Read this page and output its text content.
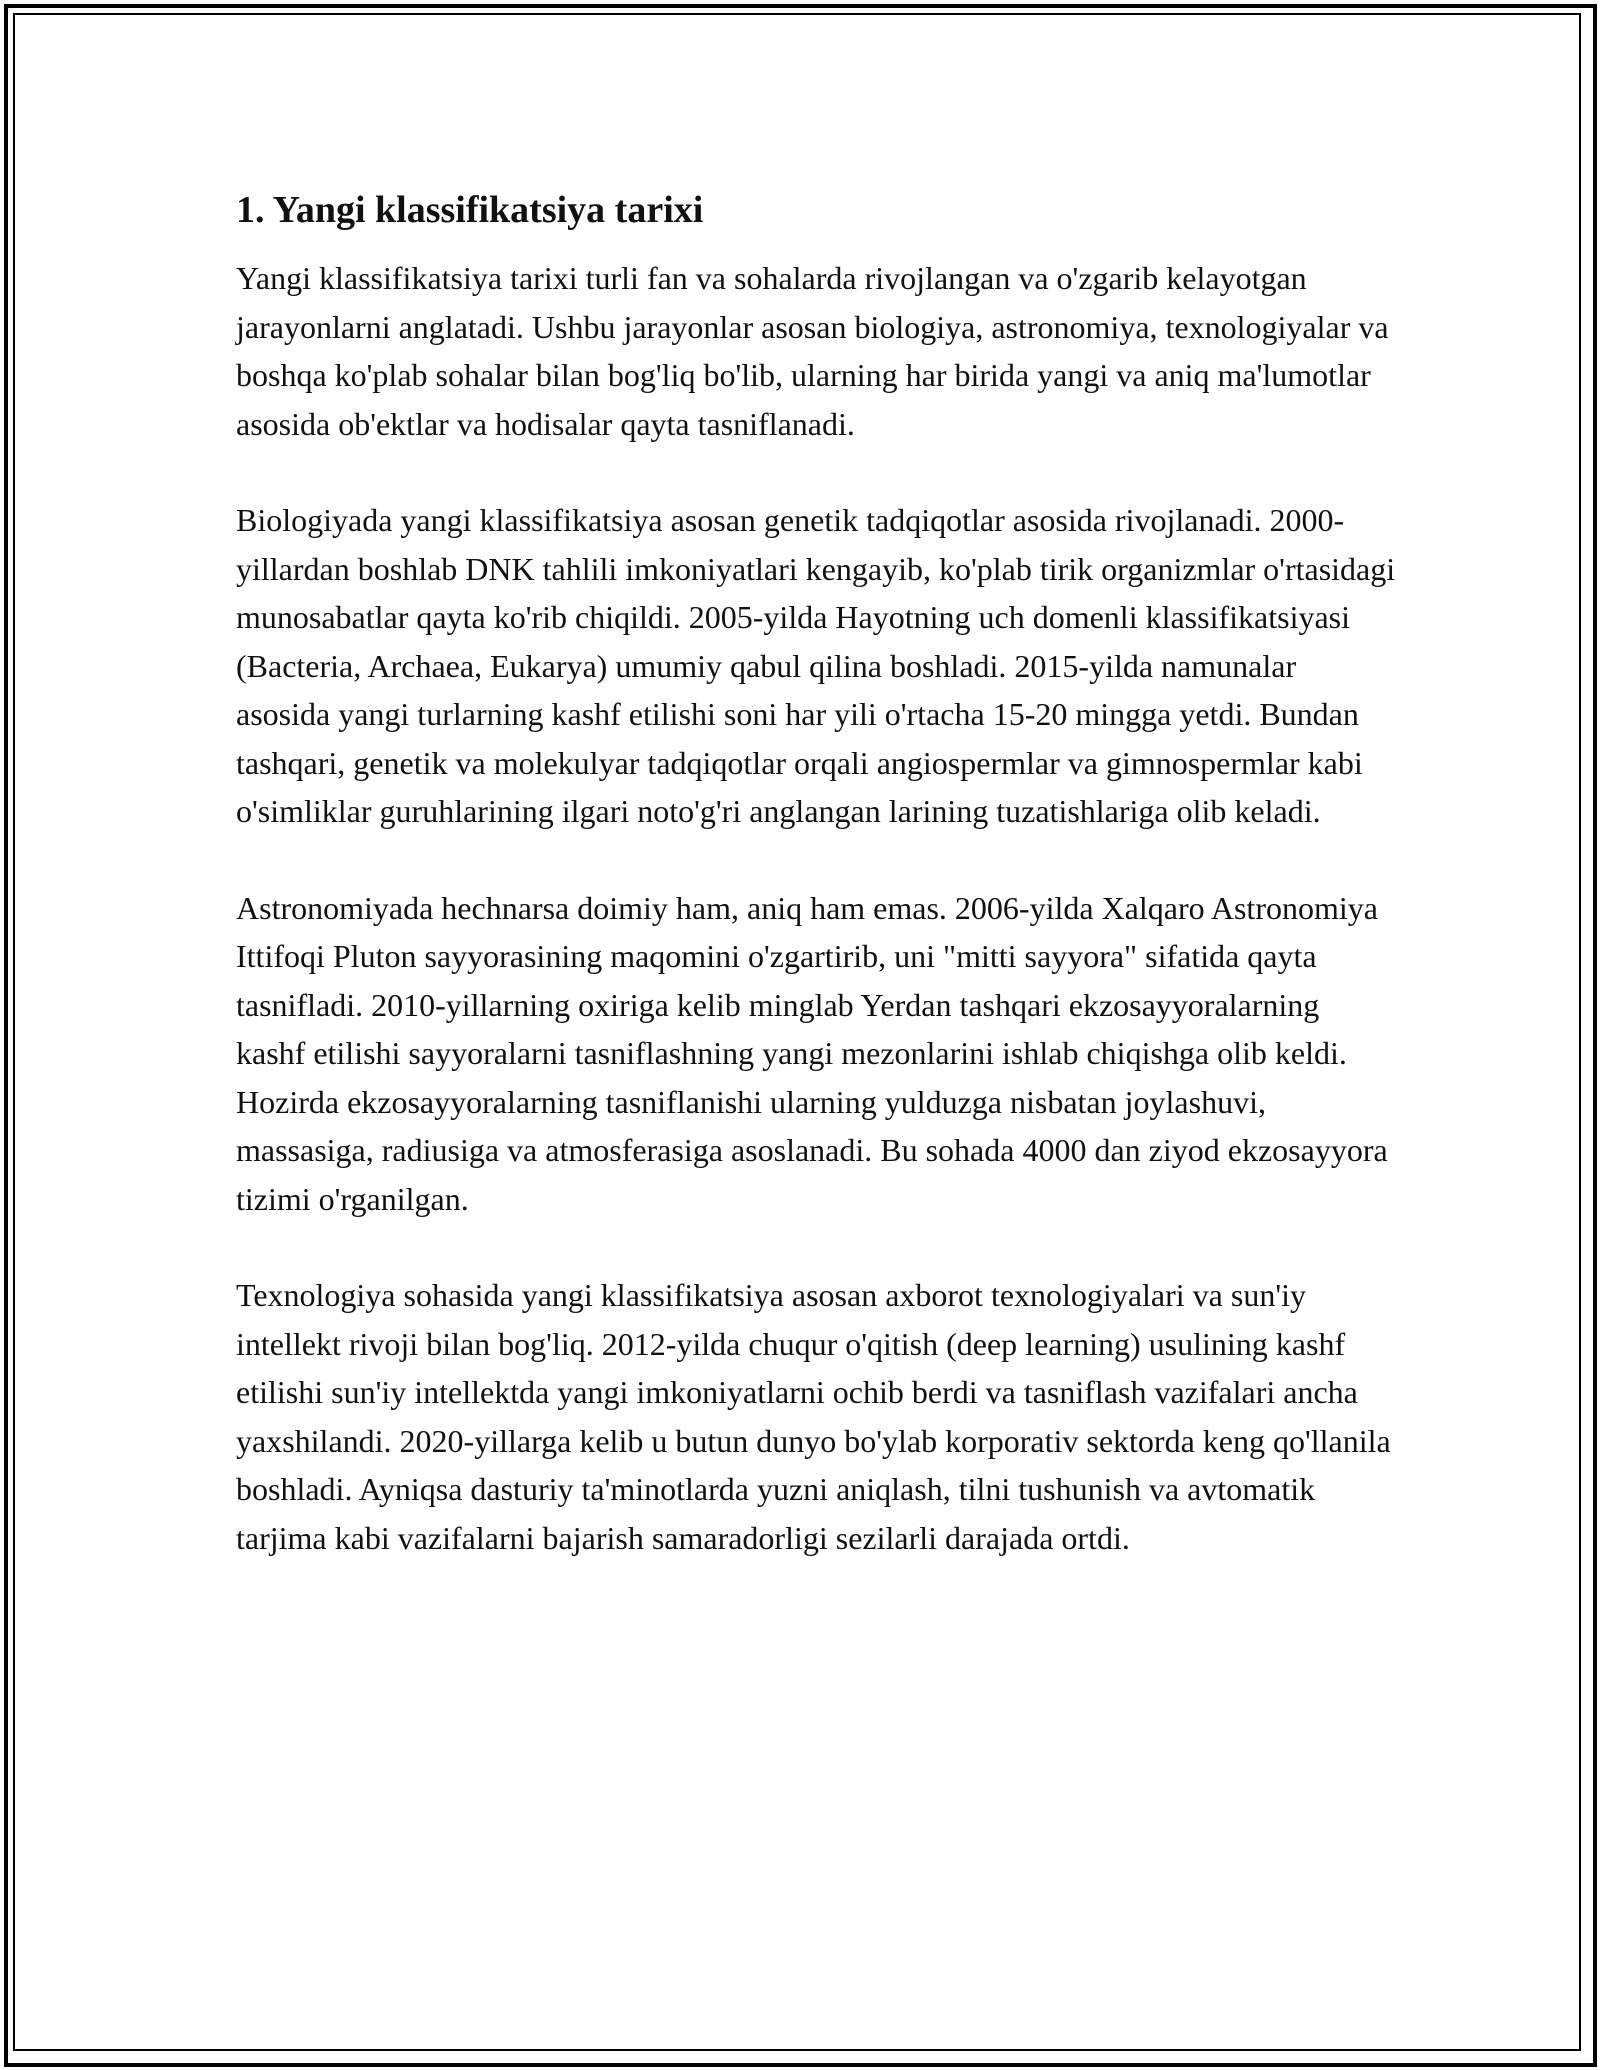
1. Yangi klassifikatsiya tarixi

Yangi klassifikatsiya tarixi turli fan va sohalarda rivojlangan va o'zgarib kelayotgan jarayonlarni anglatadi. Ushbu jarayonlar asosan biologiya, astronomiya, texnologiyalar va boshqa ko'plab sohalar bilan bog'liq bo'lib, ularning har birida yangi va aniq ma'lumotlar asosida ob'ektlar va hodisalar qayta tasniflanadi.

Biologiyada yangi klassifikatsiya asosan genetik tadqiqotlar asosida rivojlanadi. 2000-yillardan boshlab DNK tahlili imkoniyatlari kengayib, ko'plab tirik organizmlar o'rtasidagi munosabatlar qayta ko'rib chiqildi. 2005-yilda Hayotning uch domenli klassifikatsiyasi (Bacteria, Archaea, Eukarya) umumiy qabul qilina boshladi. 2015-yilda namunalar asosida yangi turlarning kashf etilishi soni har yili o'rtacha 15-20 mingga yetdi. Bundan tashqari, genetik va molekulyar tadqiqotlar orqali angiospermlar va gimnospermlar kabi o'simliklar guruhlarining ilgari noto'g'ri anglangan larining tuzatishlariga olib keladi.

Astronomiyada hechnarsa doimiy ham, aniq ham emas. 2006-yilda Xalqaro Astronomiya Ittifoqi Pluton sayyorasining maqomini o'zgartirib, uni "mitti sayyora" sifatida qayta tasnifladi. 2010-yillarning oxiriga kelib minglab Yerdan tashqari ekzosayyoralarning kashf etilishi sayyoralarni tasniflashning yangi mezonlarini ishlab chiqishga olib keldi. Hozirda ekzosayyoralarning tasniflanishi ularning yulduzga nisbatan joylashuvi, massasiga, radiusiga va atmosferasiga asoslanadi. Bu sohada 4000 dan ziyod ekzosayyora tizimi o'rganilgan.

Texnologiya sohasida yangi klassifikatsiya asosan axborot texnologiyalari va sun'iy intellekt rivoji bilan bog'liq. 2012-yilda chuqur o'qitish (deep learning) usulining kashf etilishi sun'iy intellektda yangi imkoniyatlarni ochib berdi va tasniflash vazifalari ancha yaxshilandi. 2020-yillarga kelib u butun dunyo bo'ylab korporativ sektorda keng qo'llanila boshladi. Ayniqsa dasturiy ta'minotlarda yuzni aniqlash, tilni tushunish va avtomatik tarjima kabi vazifalarni bajarish samaradorligi sezilarli darajada ortdi.
